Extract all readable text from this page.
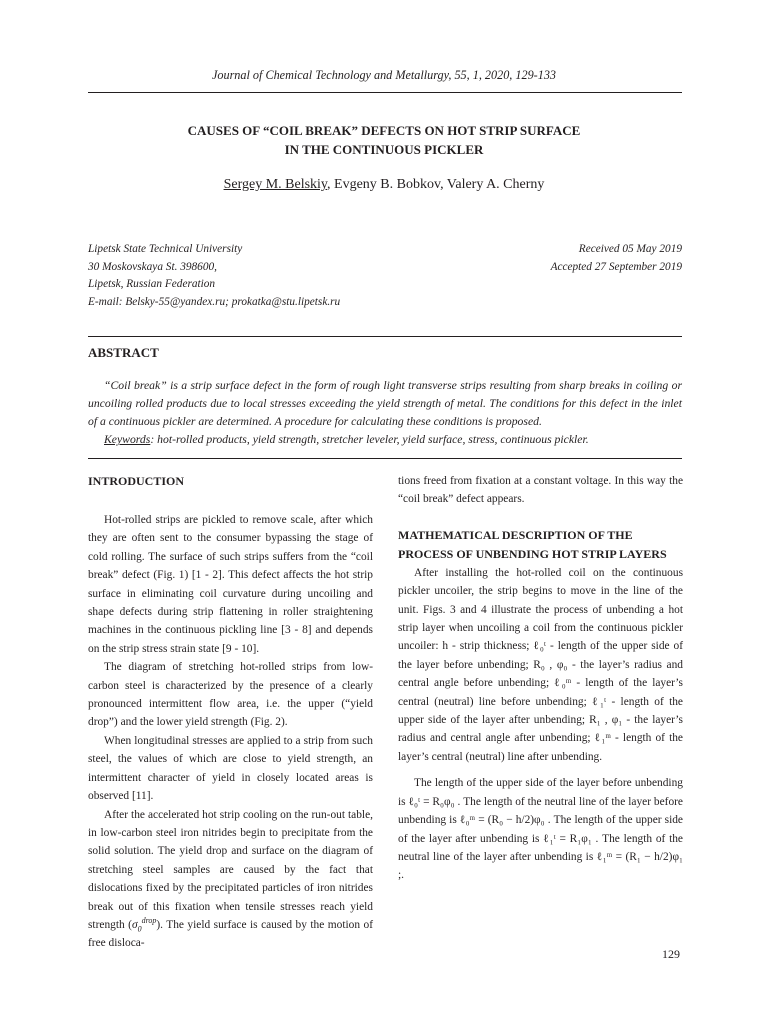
Journal of Chemical Technology and Metallurgy, 55, 1, 2020, 129-133
CAUSES OF “COIL BREAK” DEFECTS ON HOT STRIP SURFACE
IN THE CONTINUOUS PICKLER
Sergey M. Belskiy, Evgeny B. Bobkov, Valery A. Cherny
Lipetsk State Technical University
30 Moskovskaya St. 398600,
Lipetsk, Russian Federation
E-mail: Belsky-55@yandex.ru; prokatka@stu.lipetsk.ru
Received 05 May 2019
Accepted 27 September 2019
ABSTRACT

“Coil break” is a strip surface defect in the form of rough light transverse strips resulting from sharp breaks in coiling or uncoiling rolled products due to local stresses exceeding the yield strength of metal. The conditions for this defect in the inlet of a continuous pickler are determined. A procedure for calculating these conditions is proposed.

Keywords: hot-rolled products, yield strength, stretcher leveler, yield surface, stress, continuous pickler.

INTRODUCTION

Hot-rolled strips are pickled to remove scale, after which they are often sent to the consumer bypassing the stage of cold rolling. The surface of such strips suffers from the “coil break” defect (Fig. 1) [1 - 2]. This defect affects the hot strip surface in eliminating coil curvature during uncoiling and shape defects during strip flattening in roller straightening machines in the continuous pickling line [3 - 8] and depends on the strip stress strain state [9 - 10].

The diagram of stretching hot-rolled strips from low-carbon steel is characterized by the presence of a clearly pronounced intermittent flow area, i.e. the upper (“yield drop”) and the lower yield strength (Fig. 2).

When longitudinal stresses are applied to a strip from such steel, the values of which are close to yield strength, an intermittent character of yield in closely located areas is observed [11].

After the accelerated hot strip cooling on the run-out table, in low-carbon steel iron nitrides begin to precipitate from the solid solution. The yield drop and surface on the diagram of stretching steel samples are caused by the fact that dislocations fixed by the precipitated particles of iron nitrides break out of this fixation when tensile stresses reach yield strength $(\sigma_0^{drop})$. The yield surface is caused by the motion of free disloca-

tions freed from fixation at a constant voltage. In this way the “coil break” defect appears.

MATHEMATICAL DESCRIPTION OF THE PROCESS OF UNBENDING HOT STRIP LAYERS

After installing the hot-rolled coil on the continuous pickler uncoiler, the strip begins to move in the line of the unit. Figs. 3 and 4 illustrate the process of unbending a hot strip layer when uncoiling a coil from the continuous pickler uncoiler: h - strip thickness; ℓ₀ᵗ - length of the upper side of the layer before unbending; R₀ , φ₀ - the layer’s radius and central angle before unbending; ℓ₀ᵐ - length of the layer’s central (neutral) line before unbending; ℓ₁ᵗ - length of the upper side of the layer after unbending; R₁ , φ₁ - the layer’s radius and central angle after unbending; ℓ₁ᵐ - length of the layer’s central (neutral) line after unbending.

The length of the upper side of the layer before unbending is ℓ₀ᵗ = R₀φ₀ . The length of the neutral line of the layer before unbending is ℓ₀ᵐ = (R₀ − h/2)φ₀ . The length of the upper side of the layer after unbending is ℓ₁ᵗ = R₁φ₁ . The length of the neutral line of the layer after unbending is ℓ₁ᵐ = (R₁ − h/2)φ₁ ;.

129
